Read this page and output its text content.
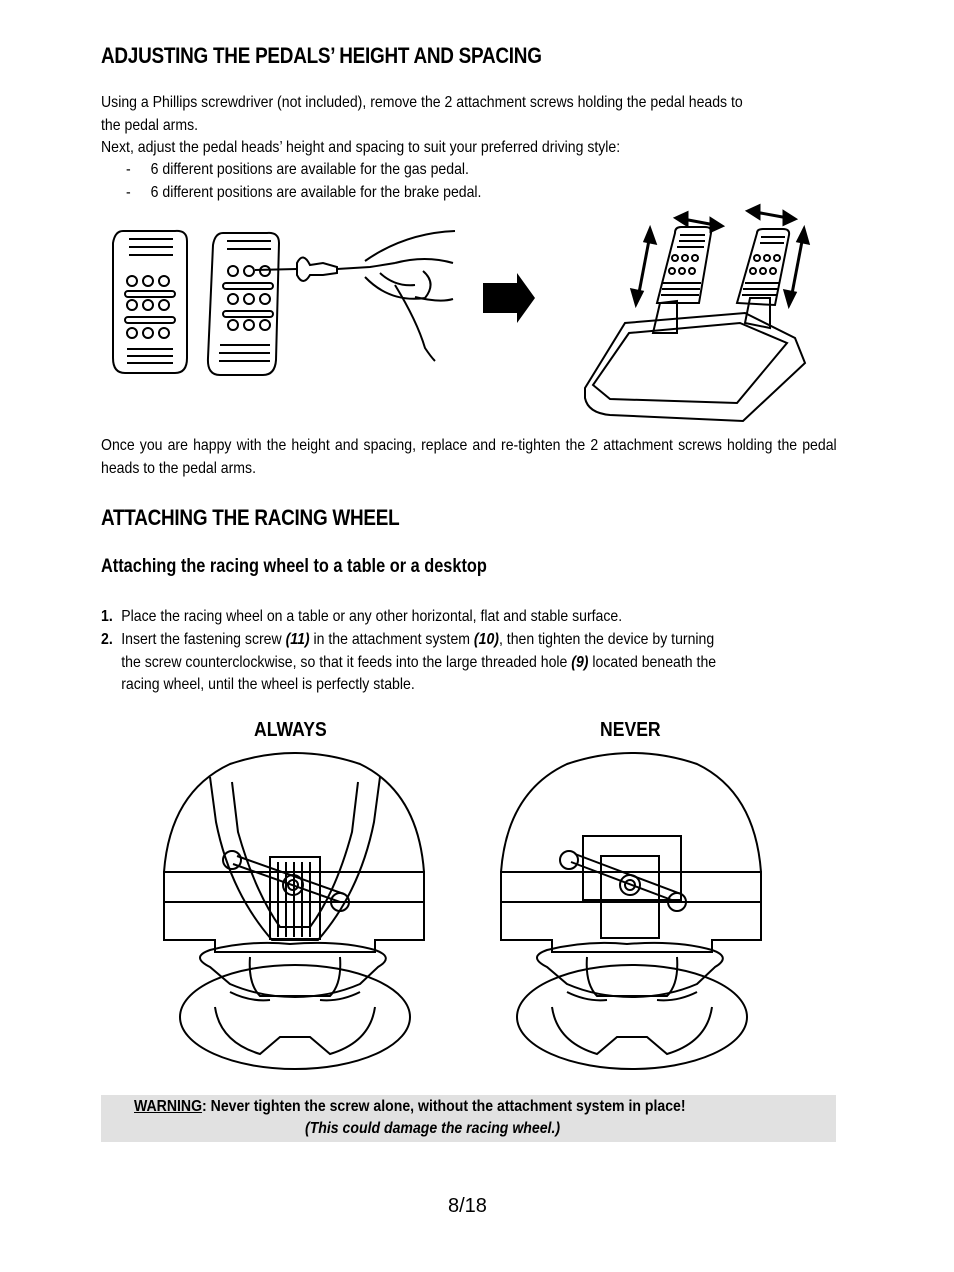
ADJUSTING THE PEDALS’ HEIGHT AND SPACING
Using a Phillips screwdriver (not included), remove the 2 attachment screws holding the pedal heads to
the pedal arms.
Next, adjust the pedal heads’ height and spacing to suit your preferred driving style:
- 6 different positions are available for the gas pedal.
- 6 different positions are available for the brake pedal.
Once you are happy with the height and spacing, replace and re-tighten the 2 attachment screws holding the pedal heads to the pedal arms.
ATTACHING THE RACING WHEEL
Attaching the racing wheel to a table or a desktop
1. Place the racing wheel on a table or any other horizontal, flat and stable surface.
2. Insert the fastening screw (11) in the attachment system (10), then tighten the device by turning
the screw counterclockwise, so that it feeds into the large threaded hole (9) located beneath the
racing wheel, until the wheel is perfectly stable.
ALWAYS	NEVER
WARNING: Never tighten the screw alone, without the attachment system in place!
(This could damage the racing wheel.)
8/18
